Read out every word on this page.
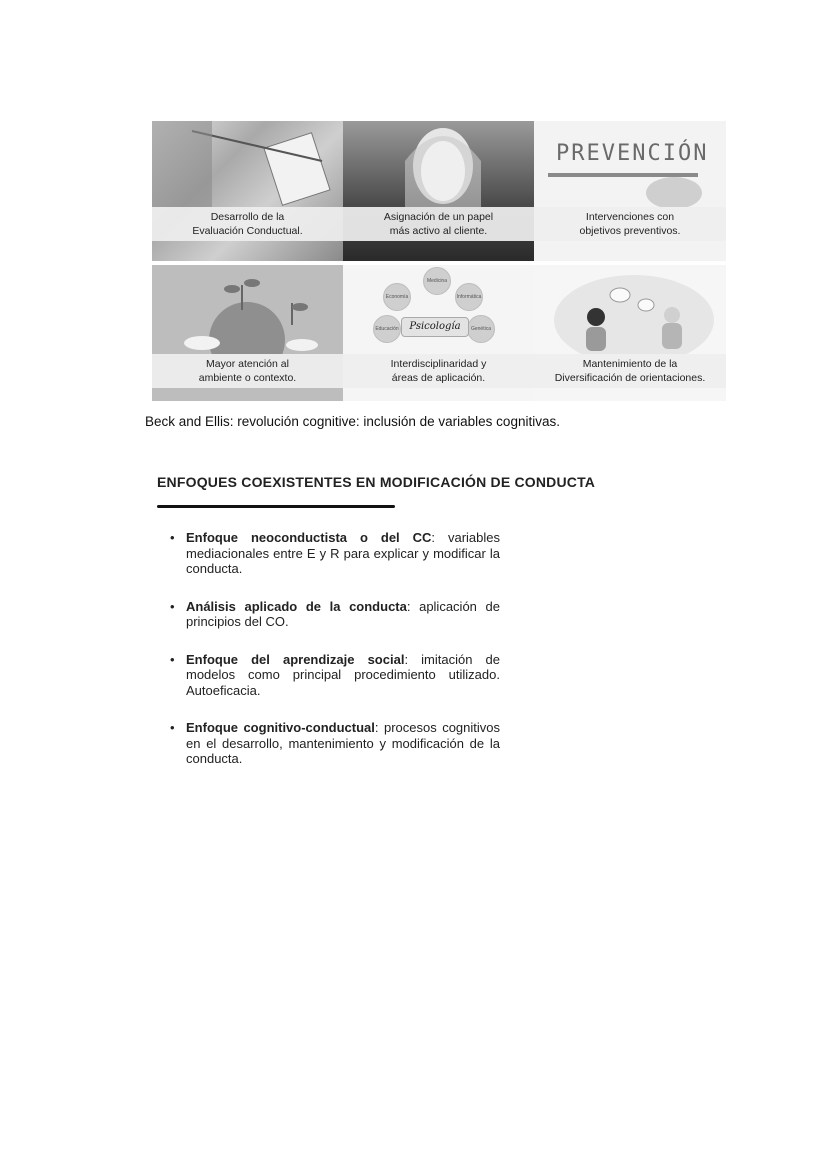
Desarrollo de la
Evaluación Conductual.
Asignación de un papel
más activo al cliente.
PREVENCIÓN
Intervenciones con
objetivos preventivos.
Mayor atención al
ambiente o contexto.
Medicina
Informática
Genética
Educación
Economía
Psicología
Interdisciplinaridad y
áreas de aplicación.
Mantenimiento de la
Diversificación de orientaciones.
Beck and Ellis: revolución cognitive: inclusión de variables cognitivas.
ENFOQUES COEXISTENTES EN MODIFICACIÓN DE CONDUCTA
• Enfoque neoconductista o del CC: variables mediacionales entre E y R para explicar y modificar la conducta.
• Análisis aplicado de la conducta: aplicación de principios del CO.
• Enfoque del aprendizaje social: imitación de modelos como principal procedimiento utilizado. Autoeficacia.
• Enfoque cognitivo-conductual: procesos cognitivos en el desarrollo, mantenimiento y modificación de la conducta.
